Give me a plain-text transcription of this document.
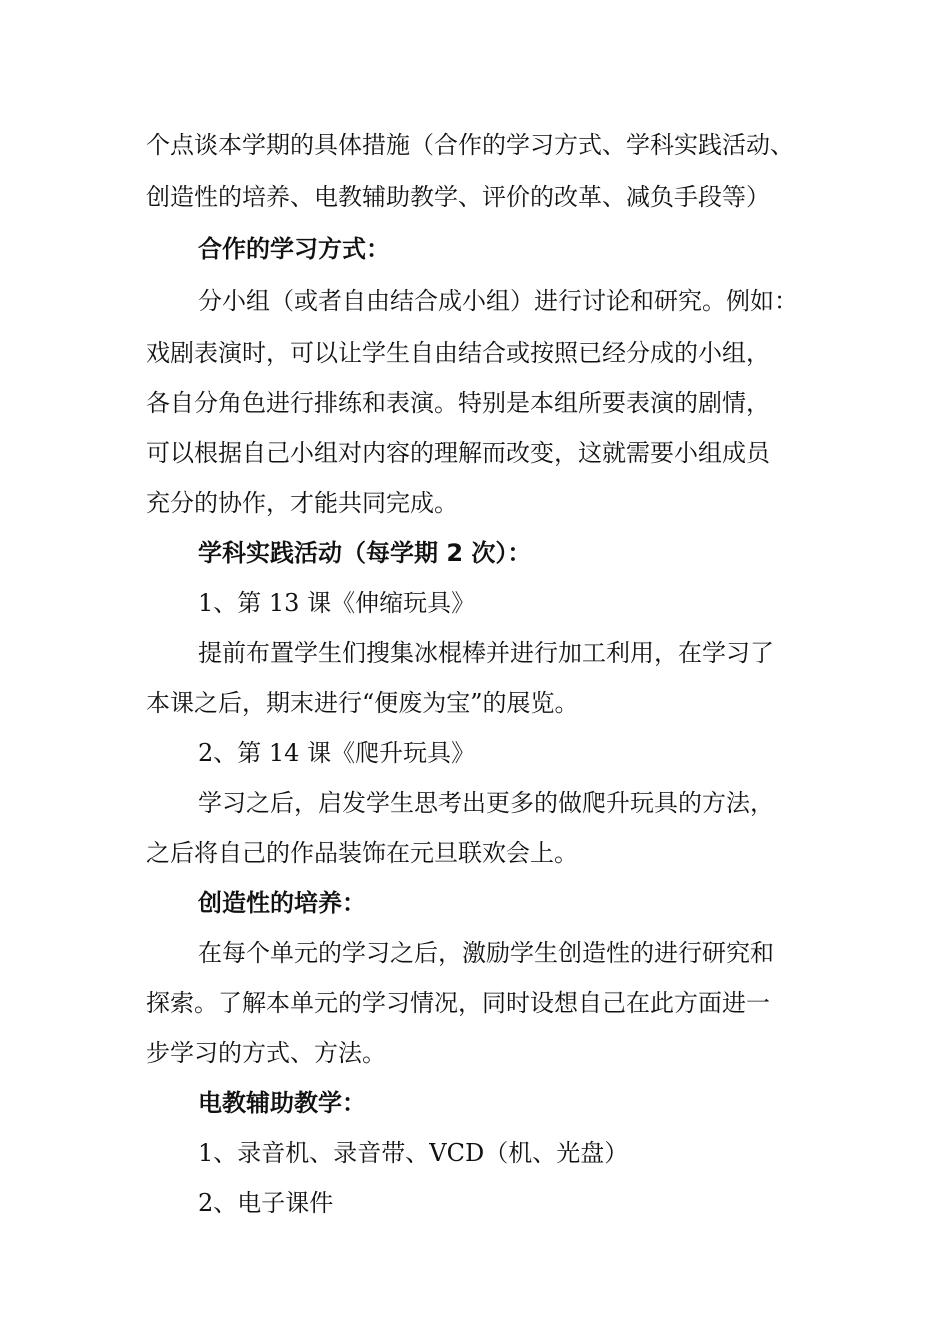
个点谈本学期的具体措施（合作的学习方式、学科实践活动、
创造性的培养、电教辅助教学、评价的改革、减负手段等）
合作的学习方式：
分小组（或者自由结合成小组）进行讨论和研究。例如：
戏剧表演时，可以让学生自由结合或按照已经分成的小组，
各自分角色进行排练和表演。特别是本组所要表演的剧情，
可以根据自己小组对内容的理解而改变，这就需要小组成员
充分的协作，才能共同完成。
学科实践活动（每学期 2 次）：
1、第 13 课《伸缩玩具》
提前布置学生们搜集冰棍棒并进行加工利用，在学习了
本课之后，期末进行“便废为宝”的展览。
2、第 14 课《爬升玩具》
学习之后，启发学生思考出更多的做爬升玩具的方法，
之后将自己的作品装饰在元旦联欢会上。
创造性的培养：
在每个单元的学习之后，激励学生创造性的进行研究和
探索。了解本单元的学习情况，同时设想自己在此方面进一
步学习的方式、方法。
电教辅助教学：
1、录音机、录音带、VCD（机、光盘）
2、电子课件
